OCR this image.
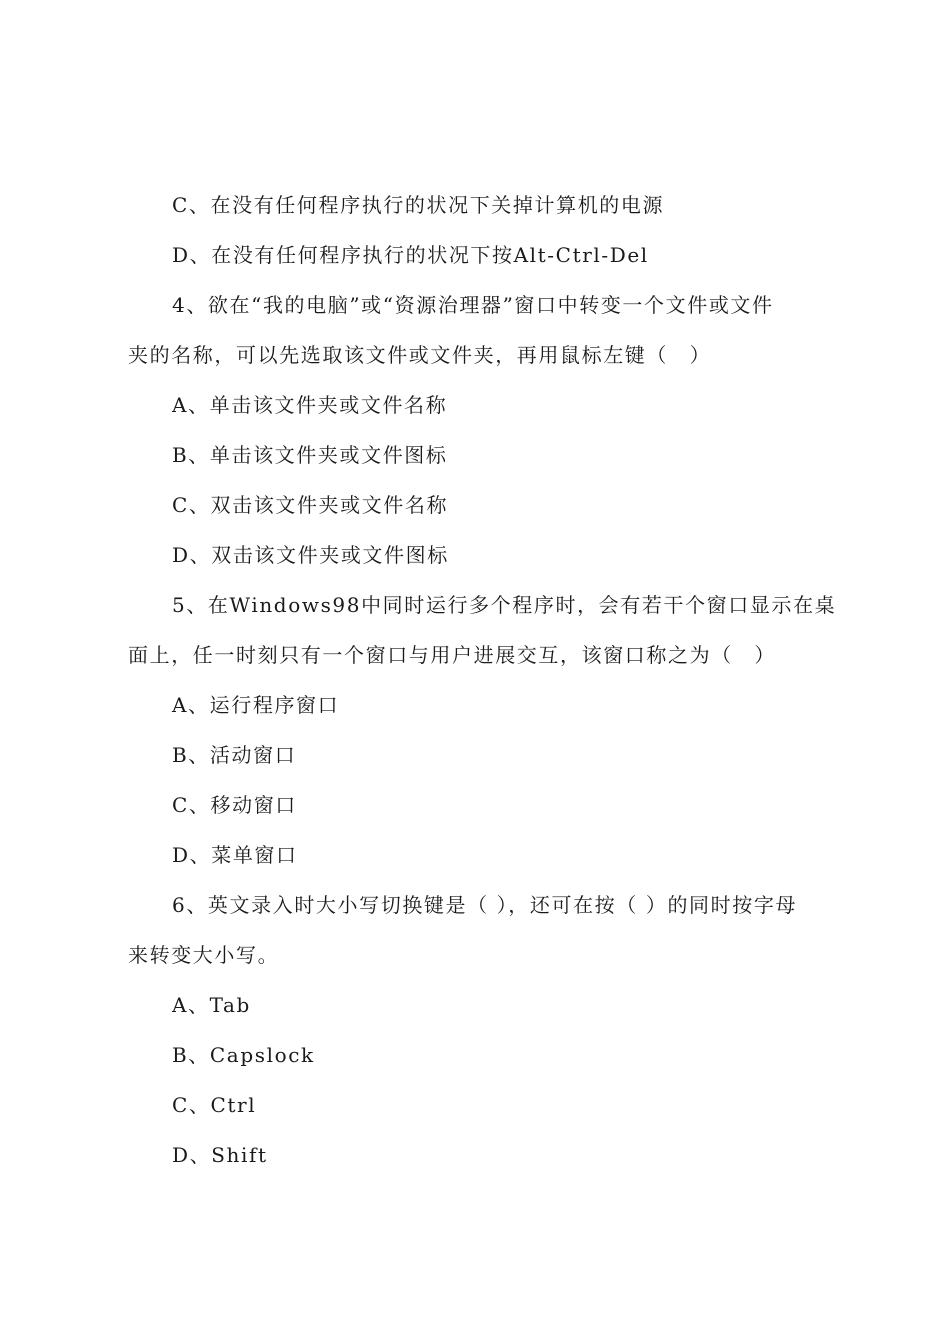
C、在没有任何程序执行的状况下关掉计算机的电源
D、在没有任何程序执行的状况下按Alt-Ctrl-Del
4、欲在“我的电脑”或“资源治理器”窗口中转变一个文件或文件
夹的名称，可以先选取该文件或文件夹，再用鼠标左键（　）
A、单击该文件夹或文件名称
B、单击该文件夹或文件图标
C、双击该文件夹或文件名称
D、双击该文件夹或文件图标
5、在Windows98中同时运行多个程序时，会有若干个窗口显示在桌
面上，任一时刻只有一个窗口与用户进展交互，该窗口称之为（　）
A、运行程序窗口
B、活动窗口
C、移动窗口
D、菜单窗口
6、英文录入时大小写切换键是（ ），还可在按（ ）的同时按字母
来转变大小写。
A、Tab
B、Capslock
C、Ctrl
D、Shift
